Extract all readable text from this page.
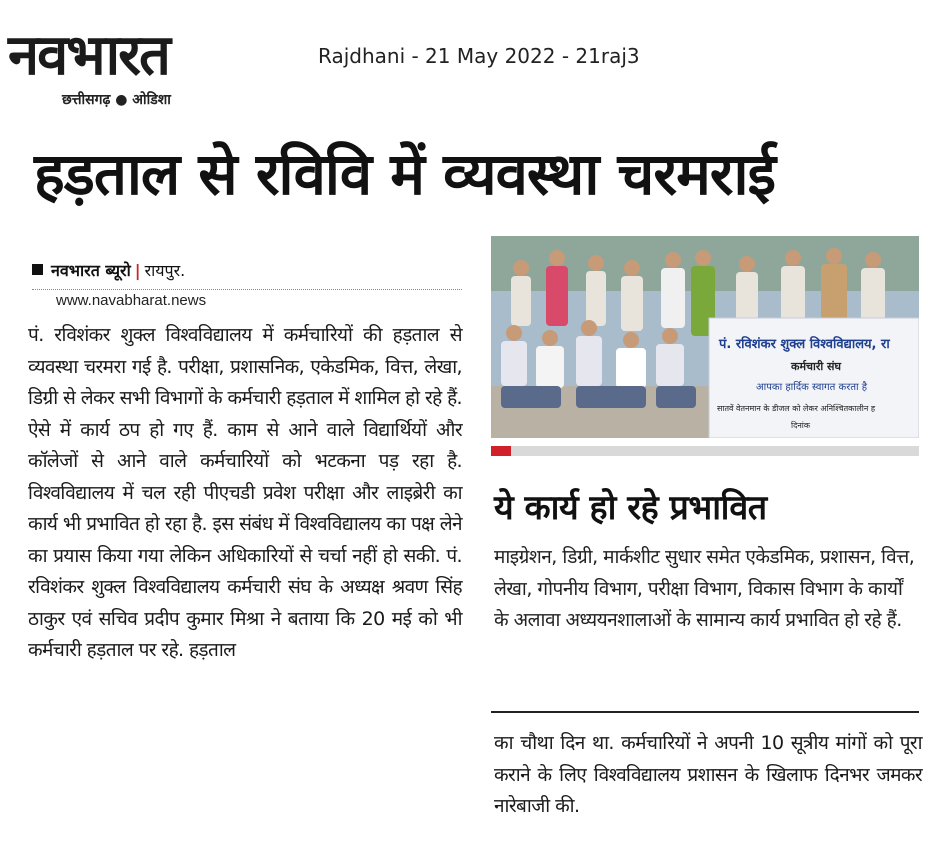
नवभारत
छत्तीसगढ़ ● ओडिशा
Rajdhani - 21 May 2022 - 21raj3
हड़ताल से रविवि में व्यवस्था चरमराई
नवभारत ब्यूरो | रायपुर.
www.navabharat.news

पं. रविशंकर शुक्ल विश्वविद्यालय में कर्मचारियों की हड़ताल से व्यवस्था चरमरा गई है. परीक्षा, प्रशासनिक, एकेडमिक, वित्त, लेखा, डिग्री से लेकर सभी विभागों के कर्मचारी हड़ताल में शामिल हो रहे हैं. ऐसे में कार्य ठप हो गए हैं. काम से आने वाले विद्यार्थियों और कॉलेजों से आने वाले कर्मचारियों को भटकना पड़ रहा है. विश्वविद्यालय में चल रही पीएचडी प्रवेश परीक्षा और लाइब्रेरी का कार्य भी प्रभावित हो रहा है. इस संबंध में विश्वविद्यालय का पक्ष लेने का प्रयास किया गया लेकिन अधिकारियों से चर्चा नहीं हो सकी. पं. रविशंकर शुक्ल विश्वविद्यालय कर्मचारी संघ के अध्यक्ष श्रवण सिंह ठाकुर एवं सचिव प्रदीप कुमार मिश्रा ने बताया कि 20 मई को भी कर्मचारी हड़ताल पर रहे. हड़ताल

पं. रविशंकर शुक्ल विश्वविद्यालय, रा
कर्मचारी संघ
आपका हार्दिक स्वागत करता है
सातवें वेतनमान के डीजल को लेकर अनिश्चितकालीन ह
दिनांक
ये कार्य हो रहे प्रभावित

माइग्रेशन, डिग्री, मार्कशीट सुधार समेत एकेडमिक, प्रशासन, वित्त, लेखा, गोपनीय विभाग, परीक्षा विभाग, विकास विभाग के कार्यों के अलावा अध्ययनशालाओं के सामान्य कार्य प्रभावित हो रहे हैं.

का चौथा दिन था. कर्मचारियों ने अपनी 10 सूत्रीय मांगों को पूरा कराने के लिए विश्वविद्यालय प्रशासन के खिलाफ दिनभर जमकर नारेबाजी की.
